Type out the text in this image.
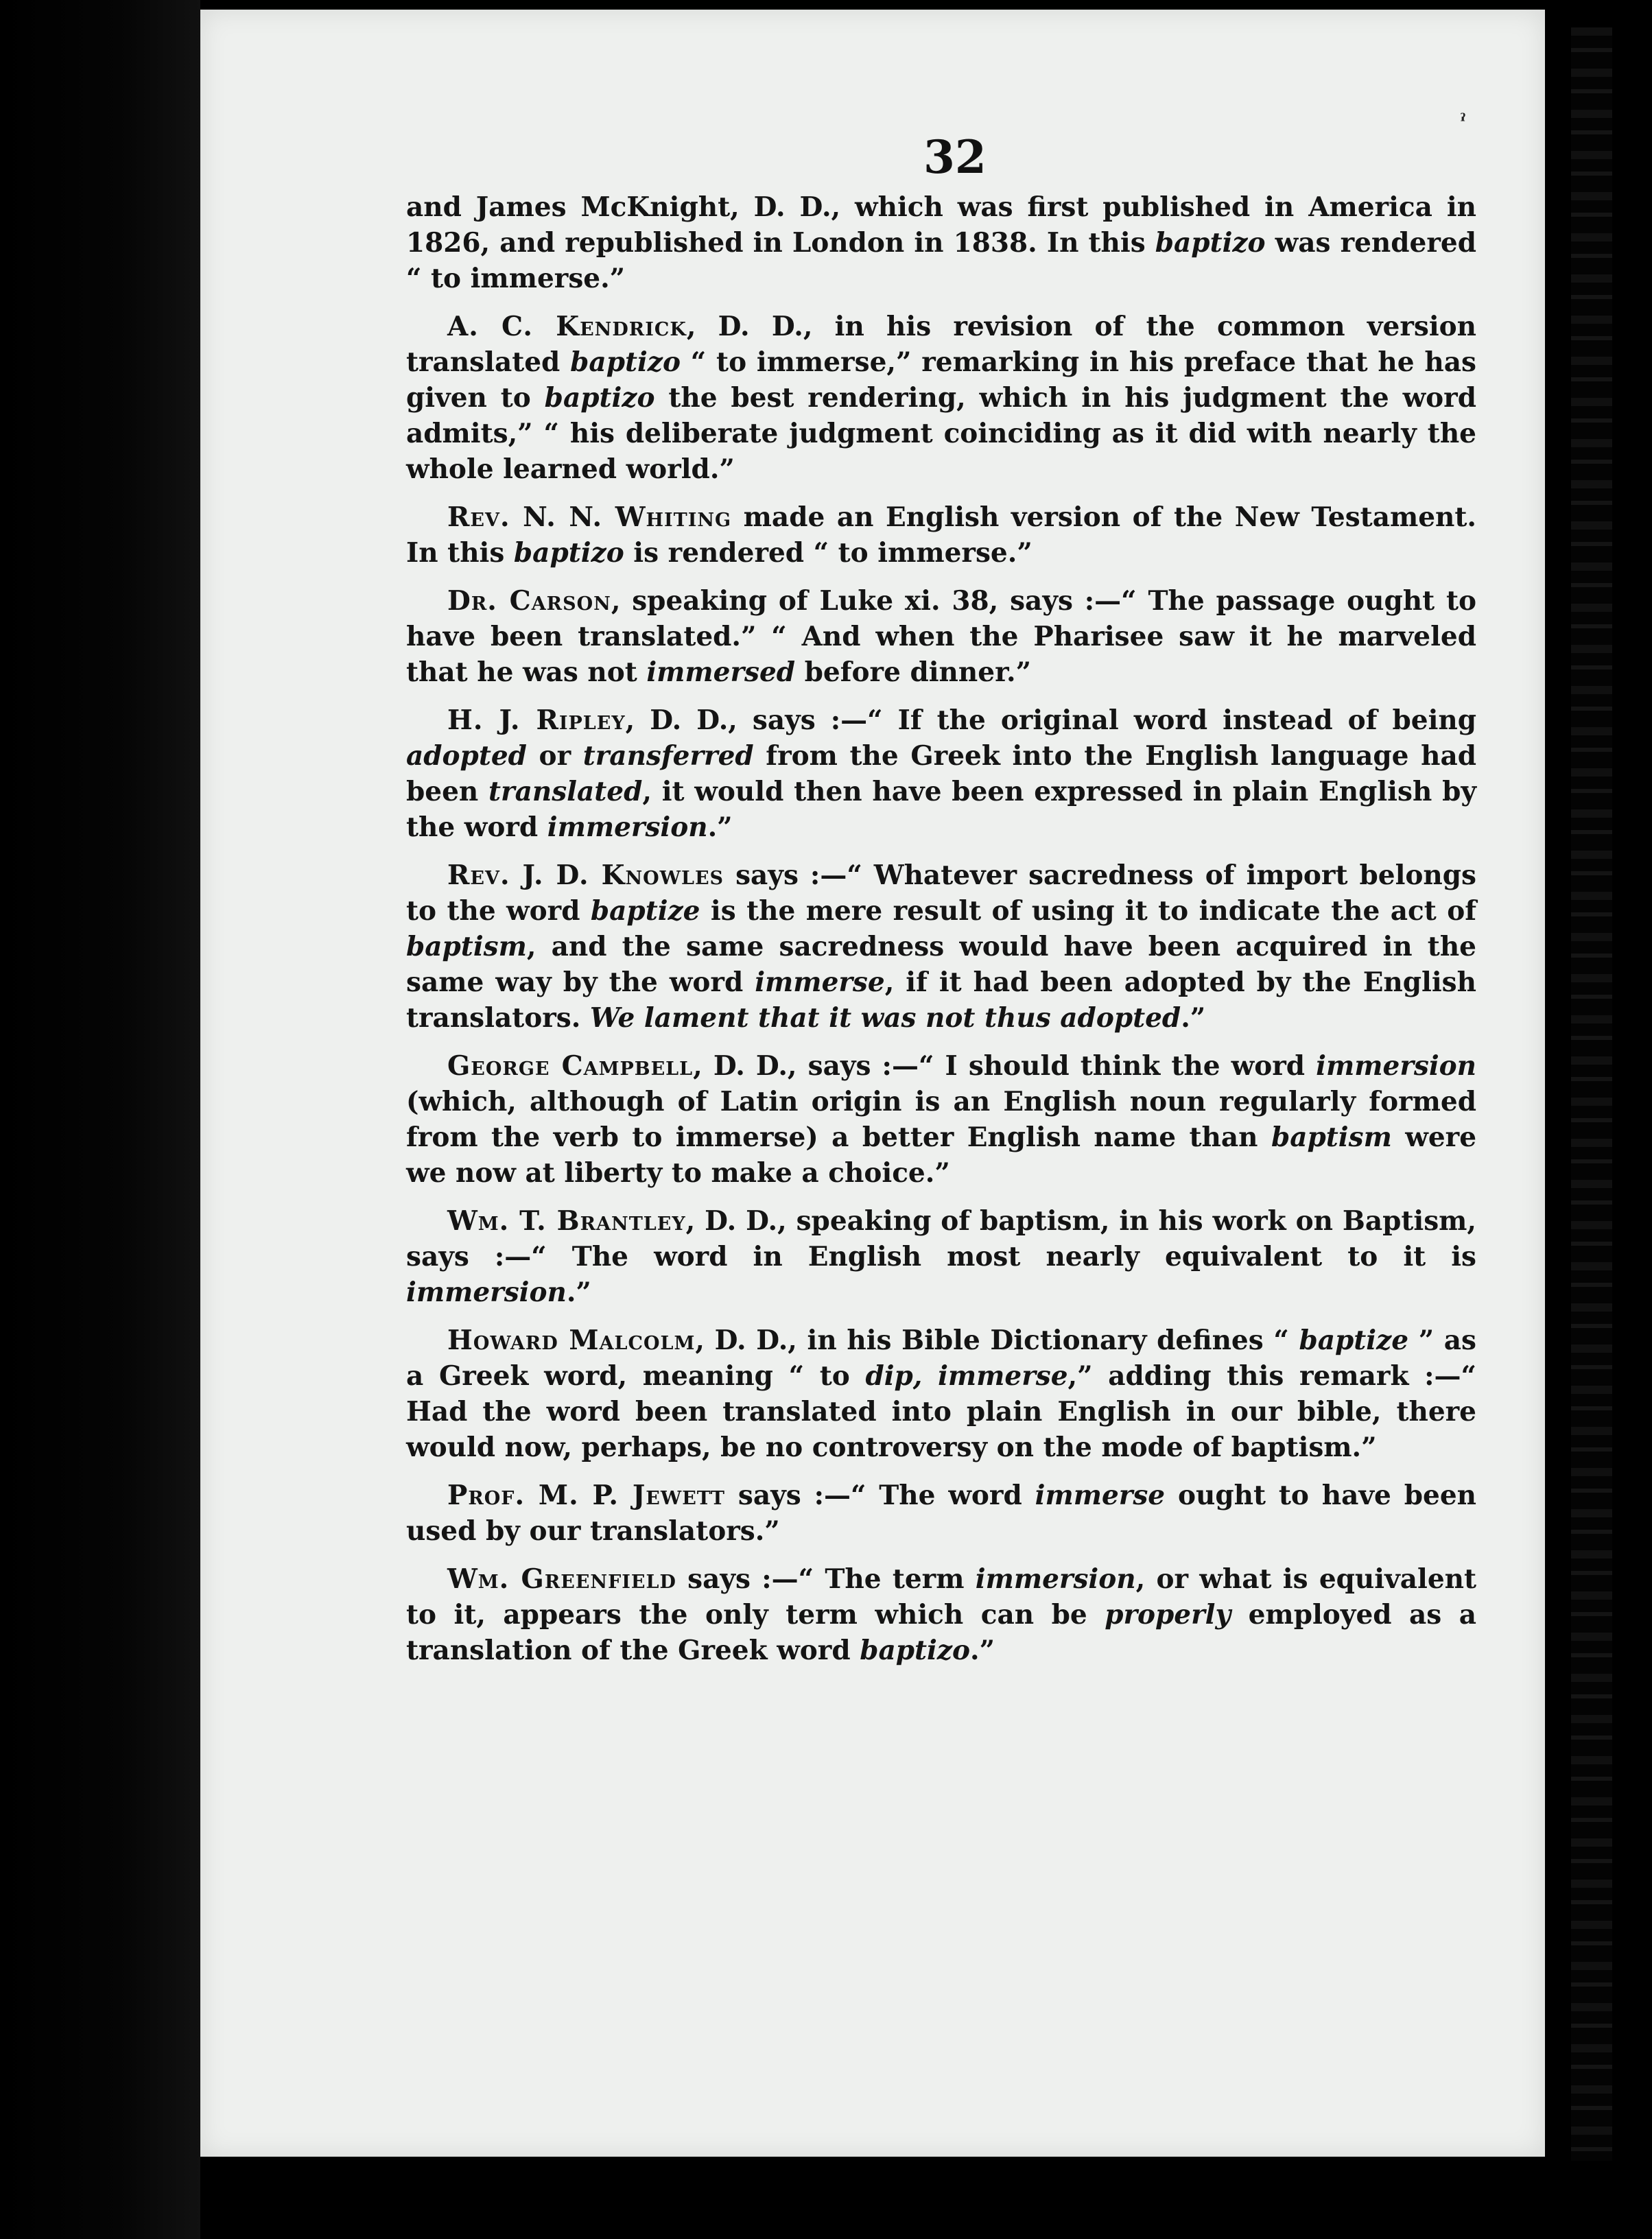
ˀ
32

and James McKnight, D. D., which was first published in America in 1826, and republished in London in 1838. In this baptizo was rendered “ to immerse.”

A. C. Kendrick, D. D., in his revision of the common version translated baptizo “ to immerse,” remarking in his preface that he has given to baptizo the best rendering, which in his judgment the word admits,” “ his deliberate judgment coinciding as it did with nearly the whole learned world.”

Rev. N. N. Whiting made an English version of the New Testament. In this baptizo is rendered “ to immerse.”

Dr. Carson, speaking of Luke xi. 38, says :—“ The passage ought to have been translated.” “ And when the Pharisee saw it he marveled that he was not immersed before dinner.”

H. J. Ripley, D. D., says :—“ If the original word instead of being adopted or transferred from the Greek into the English language had been translated, it would then have been expressed in plain English by the word immersion.”

Rev. J. D. Knowles says :—“ Whatever sacredness of import belongs to the word baptize is the mere result of using it to indicate the act of baptism, and the same sacredness would have been acquired in the same way by the word immerse, if it had been adopted by the English translators. We lament that it was not thus adopted.”

George Campbell, D. D., says :—“ I should think the word immersion (which, although of Latin origin is an English noun regularly formed from the verb to immerse) a better English name than baptism were we now at liberty to make a choice.”

Wm. T. Brantley, D. D., speaking of baptism, in his work on Baptism, says :—“ The word in English most nearly equivalent to it is immersion.”

Howard Malcolm, D. D., in his Bible Dictionary defines “ baptize ” as a Greek word, meaning “ to dip, immerse,” adding this remark :—“ Had the word been translated into plain English in our bible, there would now, perhaps, be no controversy on the mode of baptism.”

Prof. M. P. Jewett says :—“ The word immerse ought to have been used by our translators.”

Wm. Greenfield says :—“ The term immersion, or what is equivalent to it, appears the only term which can be properly employed as a translation of the Greek word baptizo.”
